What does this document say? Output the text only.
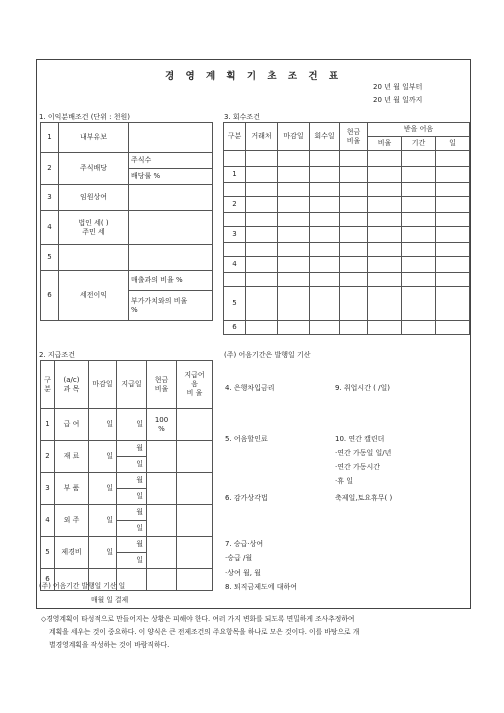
경 영 계 획 기 초 조 건 표
20 년 월 일부터
20 년 월 일까지
1. 이익분배조건 (단위 : 천원)
1	내부유보	
2	주식배당	주식수
		배당률 %
3	임원상여	
4	법인 세( )
주민 세	
5		
6	세전이익	매출과의 비율 %
		부가가치와의 비율
%
3. 회수조건
구분	거래처	마감일	회수일	현금
비율	받을 어음		
					비율	기간	일

1							

2							

3							

4							

5							
6							
(주) 어음기간은 발행일 기산
2. 지급조건
구
분	(a/c)
과 목	마감일	지급일	현금
비율	지급어
음
비 율
1	급 여	일	일	100
%	
2	재 료	일	월		
			일		
3	부 품	일	월		
			일		
4	외 주	일	월		
			일		
5	제경비	일	월		
			일		
6					
(주) 어음기간 발행일 기산 일
매월 일 결제
4. 은행차입금리	9. 취업시간 ( /일)
5. 어음할인료	10. 연간 캘린더
·연간 가동일 일/년
·연간 가동시간
·휴 일
6. 감가상각법	축제일,토요휴무( )
7. 승급·상여
·승급 /월
·상여 월, 월
8. 퇴직금제도에 대하여
◇경영계획이 타성적으로 만들어지는 상황은 피해야 한다. 여러 가지 변화를 되도록 면밀하게 조사추정하여
계획을 세우는 것이 중요하다. 이 양식은 큰 전제조건의 주요항목을 하나로 모은 것이다. 이를 바탕으로 개
별경영계획을 작성하는 것이 바람직하다.
